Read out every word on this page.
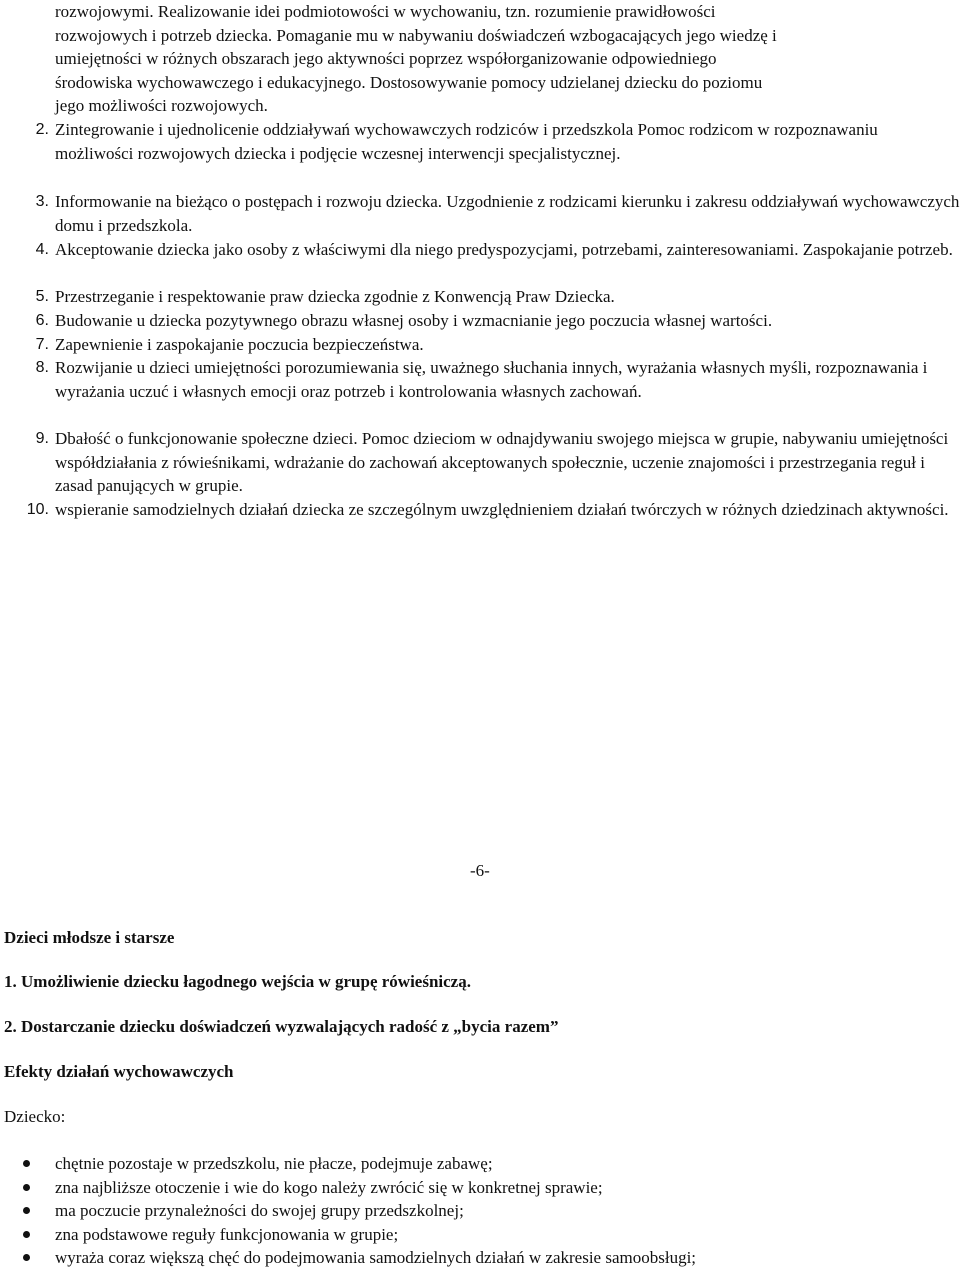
rozwojowymi. Realizowanie idei podmiotowości w wychowaniu, tzn. rozumienie prawidłowości
rozwojowych i potrzeb dziecka. Pomaganie mu w nabywaniu doświadczeń wzbogacających jego wiedzę i
umiejętności w różnych obszarach jego aktywności poprzez współorganizowanie odpowiedniego
środowiska wychowawczego i edukacyjnego. Dostosowywanie pomocy udzielanej dziecku do poziomu
jego możliwości rozwojowych.
2. Zintegrowanie i ujednolicenie oddziaływań wychowawczych rodziców i przedszkola Pomoc rodzicom w rozpoznawaniu możliwości rozwojowych dziecka i podjęcie wczesnej interwencji specjalistycznej.
3. Informowanie na bieżąco o postępach i rozwoju dziecka. Uzgodnienie z rodzicami kierunku i zakresu oddziaływań wychowawczych domu i przedszkola.
4. Akceptowanie dziecka jako osoby z właściwymi dla niego predyspozycjami, potrzebami, zainteresowaniami. Zaspokajanie potrzeb.
5. Przestrzeganie i respektowanie praw dziecka zgodnie z Konwencją Praw Dziecka.
6. Budowanie u dziecka pozytywnego obrazu własnej osoby i wzmacnianie jego poczucia własnej wartości.
7. Zapewnienie i zaspokajanie poczucia bezpieczeństwa.
8. Rozwijanie u dzieci umiejętności porozumiewania się, uważnego słuchania innych, wyrażania własnych myśli, rozpoznawania i wyrażania uczuć i własnych emocji oraz potrzeb i kontrolowania własnych zachowań.
9. Dbałość o funkcjonowanie społeczne dzieci. Pomoc dzieciom w odnajdywaniu swojego miejsca w grupie, nabywaniu umiejętności współdziałania z rówieśnikami, wdrażanie do zachowań akceptowanych społecznie, uczenie znajomości i przestrzegania reguł i zasad panujących w grupie.
10. wspieranie samodzielnych działań dziecka ze szczególnym uwzględnieniem działań twórczych w różnych dziedzinach aktywności.
-6-
Dzieci młodsze i starsze
1. Umożliwienie dziecku łagodnego wejścia w grupę rówieśniczą.
2. Dostarczanie dziecku doświadczeń wyzwalających radość z „bycia razem”
Efekty działań wychowawczych
Dziecko:
chętnie pozostaje w przedszkolu, nie płacze, podejmuje zabawę;
zna najbliższe otoczenie i wie do kogo należy zwrócić się w konkretnej sprawie;
ma poczucie przynależności do swojej grupy przedszkolnej;
zna podstawowe reguły funkcjonowania w grupie;
wyraża coraz większą chęć do podejmowania samodzielnych działań w zakresie samoobsługi;
